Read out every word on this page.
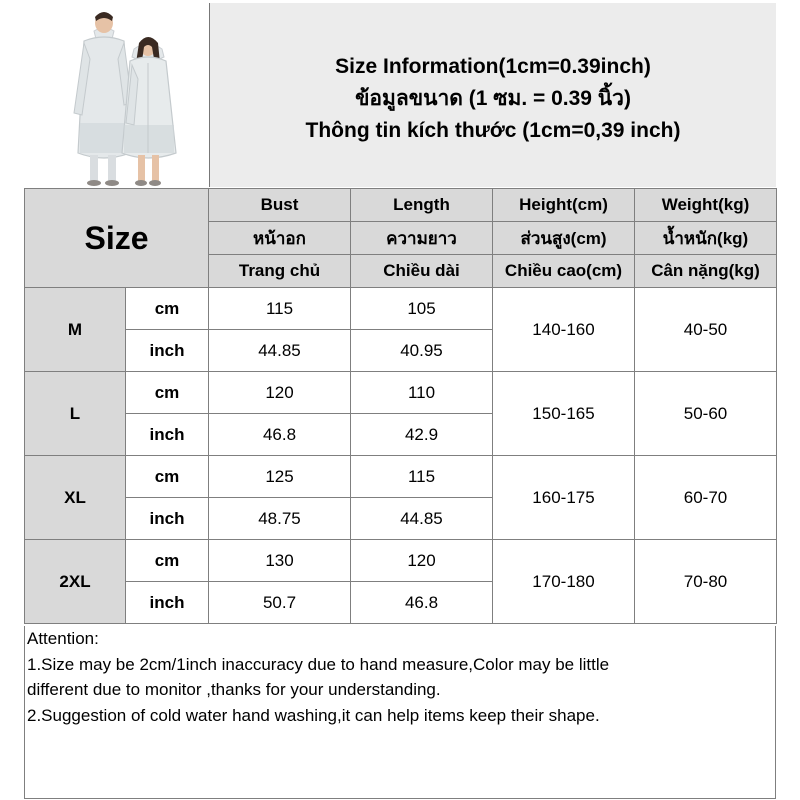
Size Information(1cm=0.39inch)
ข้อมูลขนาด (1 ซม. = 0.39 นิ้ว)
Thông tin kích thước (1cm=0,39 inch)
Size		Bust	Length	Height(cm)	Weight(kg)
		หน้าอก	ความยาว	ส่วนสูง(cm)	น้ำหนัก(kg)
		Trang chủ	Chiều dài	Chiều cao(cm)	Cân nặng(kg)
M	cm	115	105	140-160	40-50
	inch	44.85	40.95		
L	cm	120	110	150-165	50-60
	inch	46.8	42.9		
XL	cm	125	115	160-175	60-70
	inch	48.75	44.85		
2XL	cm	130	120	170-180	70-80
	inch	50.7	46.8		

Attention:

1.Size may be 2cm/1inch inaccuracy due to hand measure,Color may be little

different due to monitor ,thanks for your understanding.

2.Suggestion of cold water hand washing,it can help items keep their shape.
